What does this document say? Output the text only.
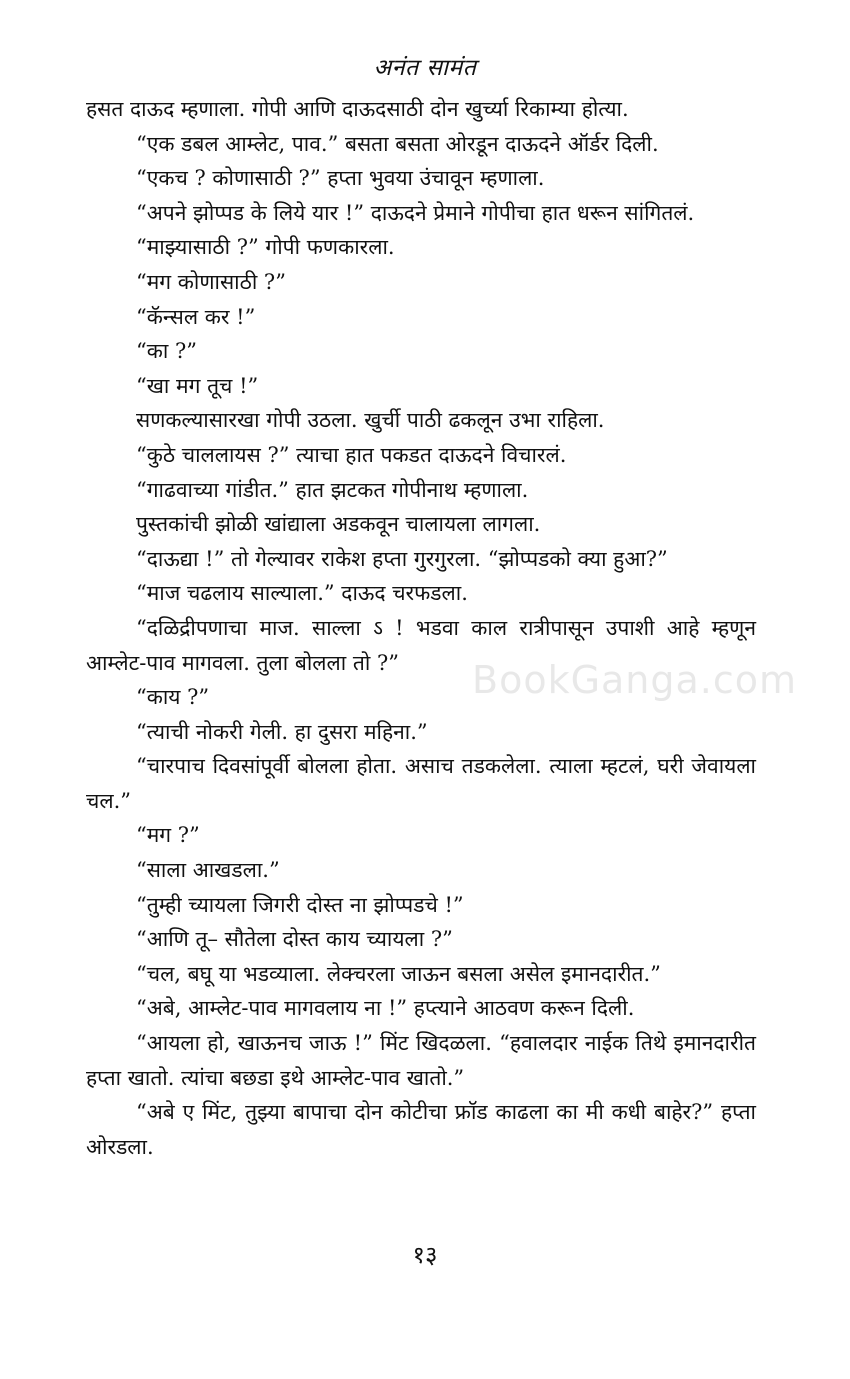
अनंत सामंत

हसत दाऊद म्हणाला. गोपी आणि दाऊदसाठी दोन खुर्च्या रिकाम्या होत्या.

“एक डबल आम्लेट, पाव.” बसता बसता ओरडून दाऊदने ऑर्डर दिली.

“एकच ? कोणासाठी ?” हप्ता भुवया उंचावून म्हणाला.

“अपने झोप्पड के लिये यार !” दाऊदने प्रेमाने गोपीचा हात धरून सांगितलं.

“माझ्यासाठी ?” गोपी फणकारला.

“मग कोणासाठी ?”

“कॅन्सल कर !”

“का ?”

“खा मग तूच !”

सणकल्यासारखा गोपी उठला. खुर्ची पाठी ढकलून उभा राहिला.

“कुठे चाललायस ?” त्याचा हात पकडत दाऊदने विचारलं.

“गाढवाच्या गांडीत.” हात झटकत गोपीनाथ म्हणाला.

पुस्तकांची झोळी खांद्याला अडकवून चालायला लागला.

“दाऊद्या !” तो गेल्यावर राकेश हप्ता गुरगुरला. “झोप्पडको क्या हुआ?”

“माज चढलाय साल्याला.” दाऊद चरफडला.

“दळिद्रीपणाचा माज. साल्ला ऽ ! भडवा काल रात्रीपासून उपाशी आहे म्हणून आम्लेट-पाव मागवला. तुला बोलला तो ?”

“काय ?”

“त्याची नोकरी गेली. हा दुसरा महिना.”

“चारपाच दिवसांपूर्वी बोलला होता. असाच तडकलेला. त्याला म्हटलं, घरी जेवायला चल.”

“मग ?”

“साला आखडला.”

“तुम्ही च्यायला जिगरी दोस्त ना झोप्पडचे !”

“आणि तू– सौतेला दोस्त काय च्यायला ?”

“चल, बघू या भडव्याला. लेक्चरला जाऊन बसला असेल इमानदारीत.”

“अबे, आम्लेट-पाव मागवलाय ना !” हप्त्याने आठवण करून दिली.

“आयला हो, खाऊनच जाऊ !” मिंट खिदळला. “हवालदार नाईक तिथे इमानदारीत हप्ता खातो. त्यांचा बछडा इथे आम्लेट-पाव खातो.”

“अबे ए मिंट, तुझ्या बापाचा दोन कोटीचा फ्रॉड काढला का मी कधी बाहेर?” हप्ता ओरडला.

BookGanga.com
१३
